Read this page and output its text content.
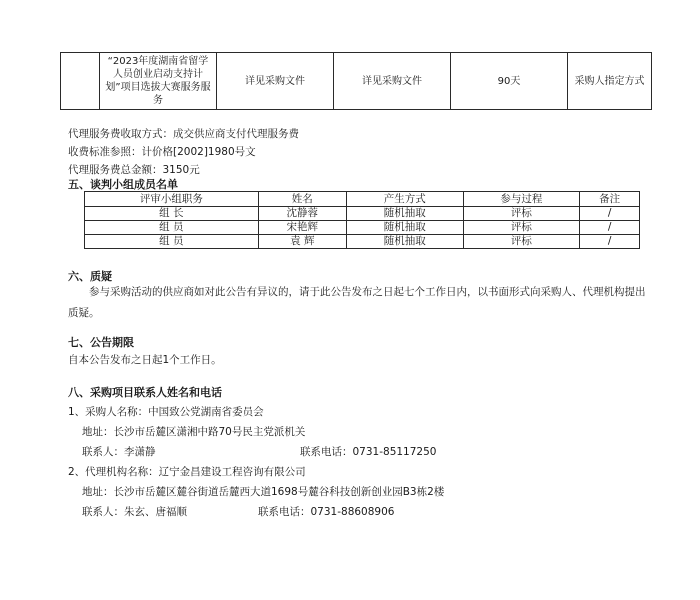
	“2023年度湖南省留学人员创业启动支持计划”项目选拔大赛服务服务	详见采购文件	详见采购文件	90天	采购人指定方式
代理服务费收取方式：成交供应商支付代理服务费
收费标准参照：计价格[2002]1980号文
代理服务费总金额：3150元
五、谈判小组成员名单
评审小组职务	姓名	产生方式	参与过程	备注
组 长	沈静蓉	随机抽取	评标	/
组 员	宋艳辉	随机抽取	评标	/
组 员	袁 辉	随机抽取	评标	/
六、质疑
参与采购活动的供应商如对此公告有异议的，请于此公告发布之日起七个工作日内，以书面形式向采购人、代理机构提出质疑。
七、公告期限
自本公告发布之日起1个工作日。
八、采购项目联系人姓名和电话
1、采购人名称：中国致公党湖南省委员会
地址：长沙市岳麓区潇湘中路70号民主党派机关
联系人：李潇静	联系电话：0731-85117250
2、代理机构名称：辽宁金昌建设工程咨询有限公司
地址：长沙市岳麓区麓谷街道岳麓西大道1698号麓谷科技创新创业园B3栋2楼
联系人：朱玄、唐福顺	联系电话：0731-88608906
